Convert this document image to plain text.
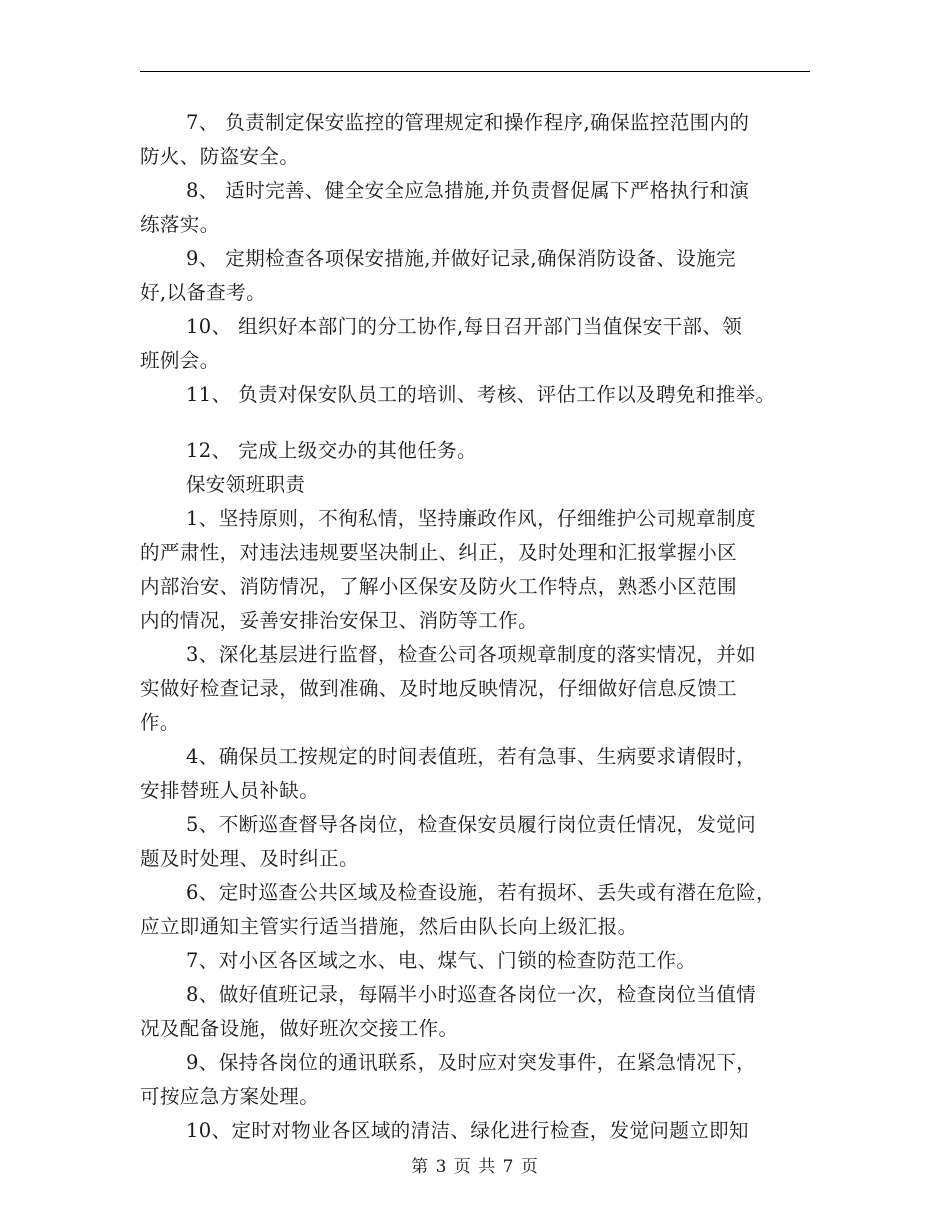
7、 负责制定保安监控的管理规定和操作程序,确保监控范围内的
防火、防盗安全。
8、 适时完善、健全安全应急措施,并负责督促属下严格执行和演
练落实。
9、 定期检查各项保安措施,并做好记录,确保消防设备、设施完
好,以备查考。
10、 组织好本部门的分工协作,每日召开部门当值保安干部、领
班例会。
11、 负责对保安队员工的培训、考核、评估工作以及聘免和推举。
12、 完成上级交办的其他任务。
保安领班职责
1、坚持原则，不徇私情，坚持廉政作风，仔细维护公司规章制度
的严肃性，对违法违规要坚决制止、纠正，及时处理和汇报掌握小区
内部治安、消防情况，了解小区保安及防火工作特点，熟悉小区范围
内的情况，妥善安排治安保卫、消防等工作。
3、深化基层进行监督，检查公司各项规章制度的落实情况，并如
实做好检查记录，做到准确、及时地反映情况，仔细做好信息反馈工
作。
4、确保员工按规定的时间表值班，若有急事、生病要求请假时，
安排替班人员补缺。
5、不断巡查督导各岗位，检查保安员履行岗位责任情况，发觉问
题及时处理、及时纠正。
6、定时巡查公共区域及检查设施，若有损坏、丢失或有潜在危险，
应立即通知主管实行适当措施，然后由队长向上级汇报。
7、对小区各区域之水、电、煤气、门锁的检查防范工作。
8、做好值班记录，每隔半小时巡查各岗位一次，检查岗位当值情
况及配备设施，做好班次交接工作。
9、保持各岗位的通讯联系，及时应对突发事件，在紧急情况下，
可按应急方案处理。
10、定时对物业各区域的清洁、绿化进行检查，发觉问题立即知
第 3 页 共 7 页
